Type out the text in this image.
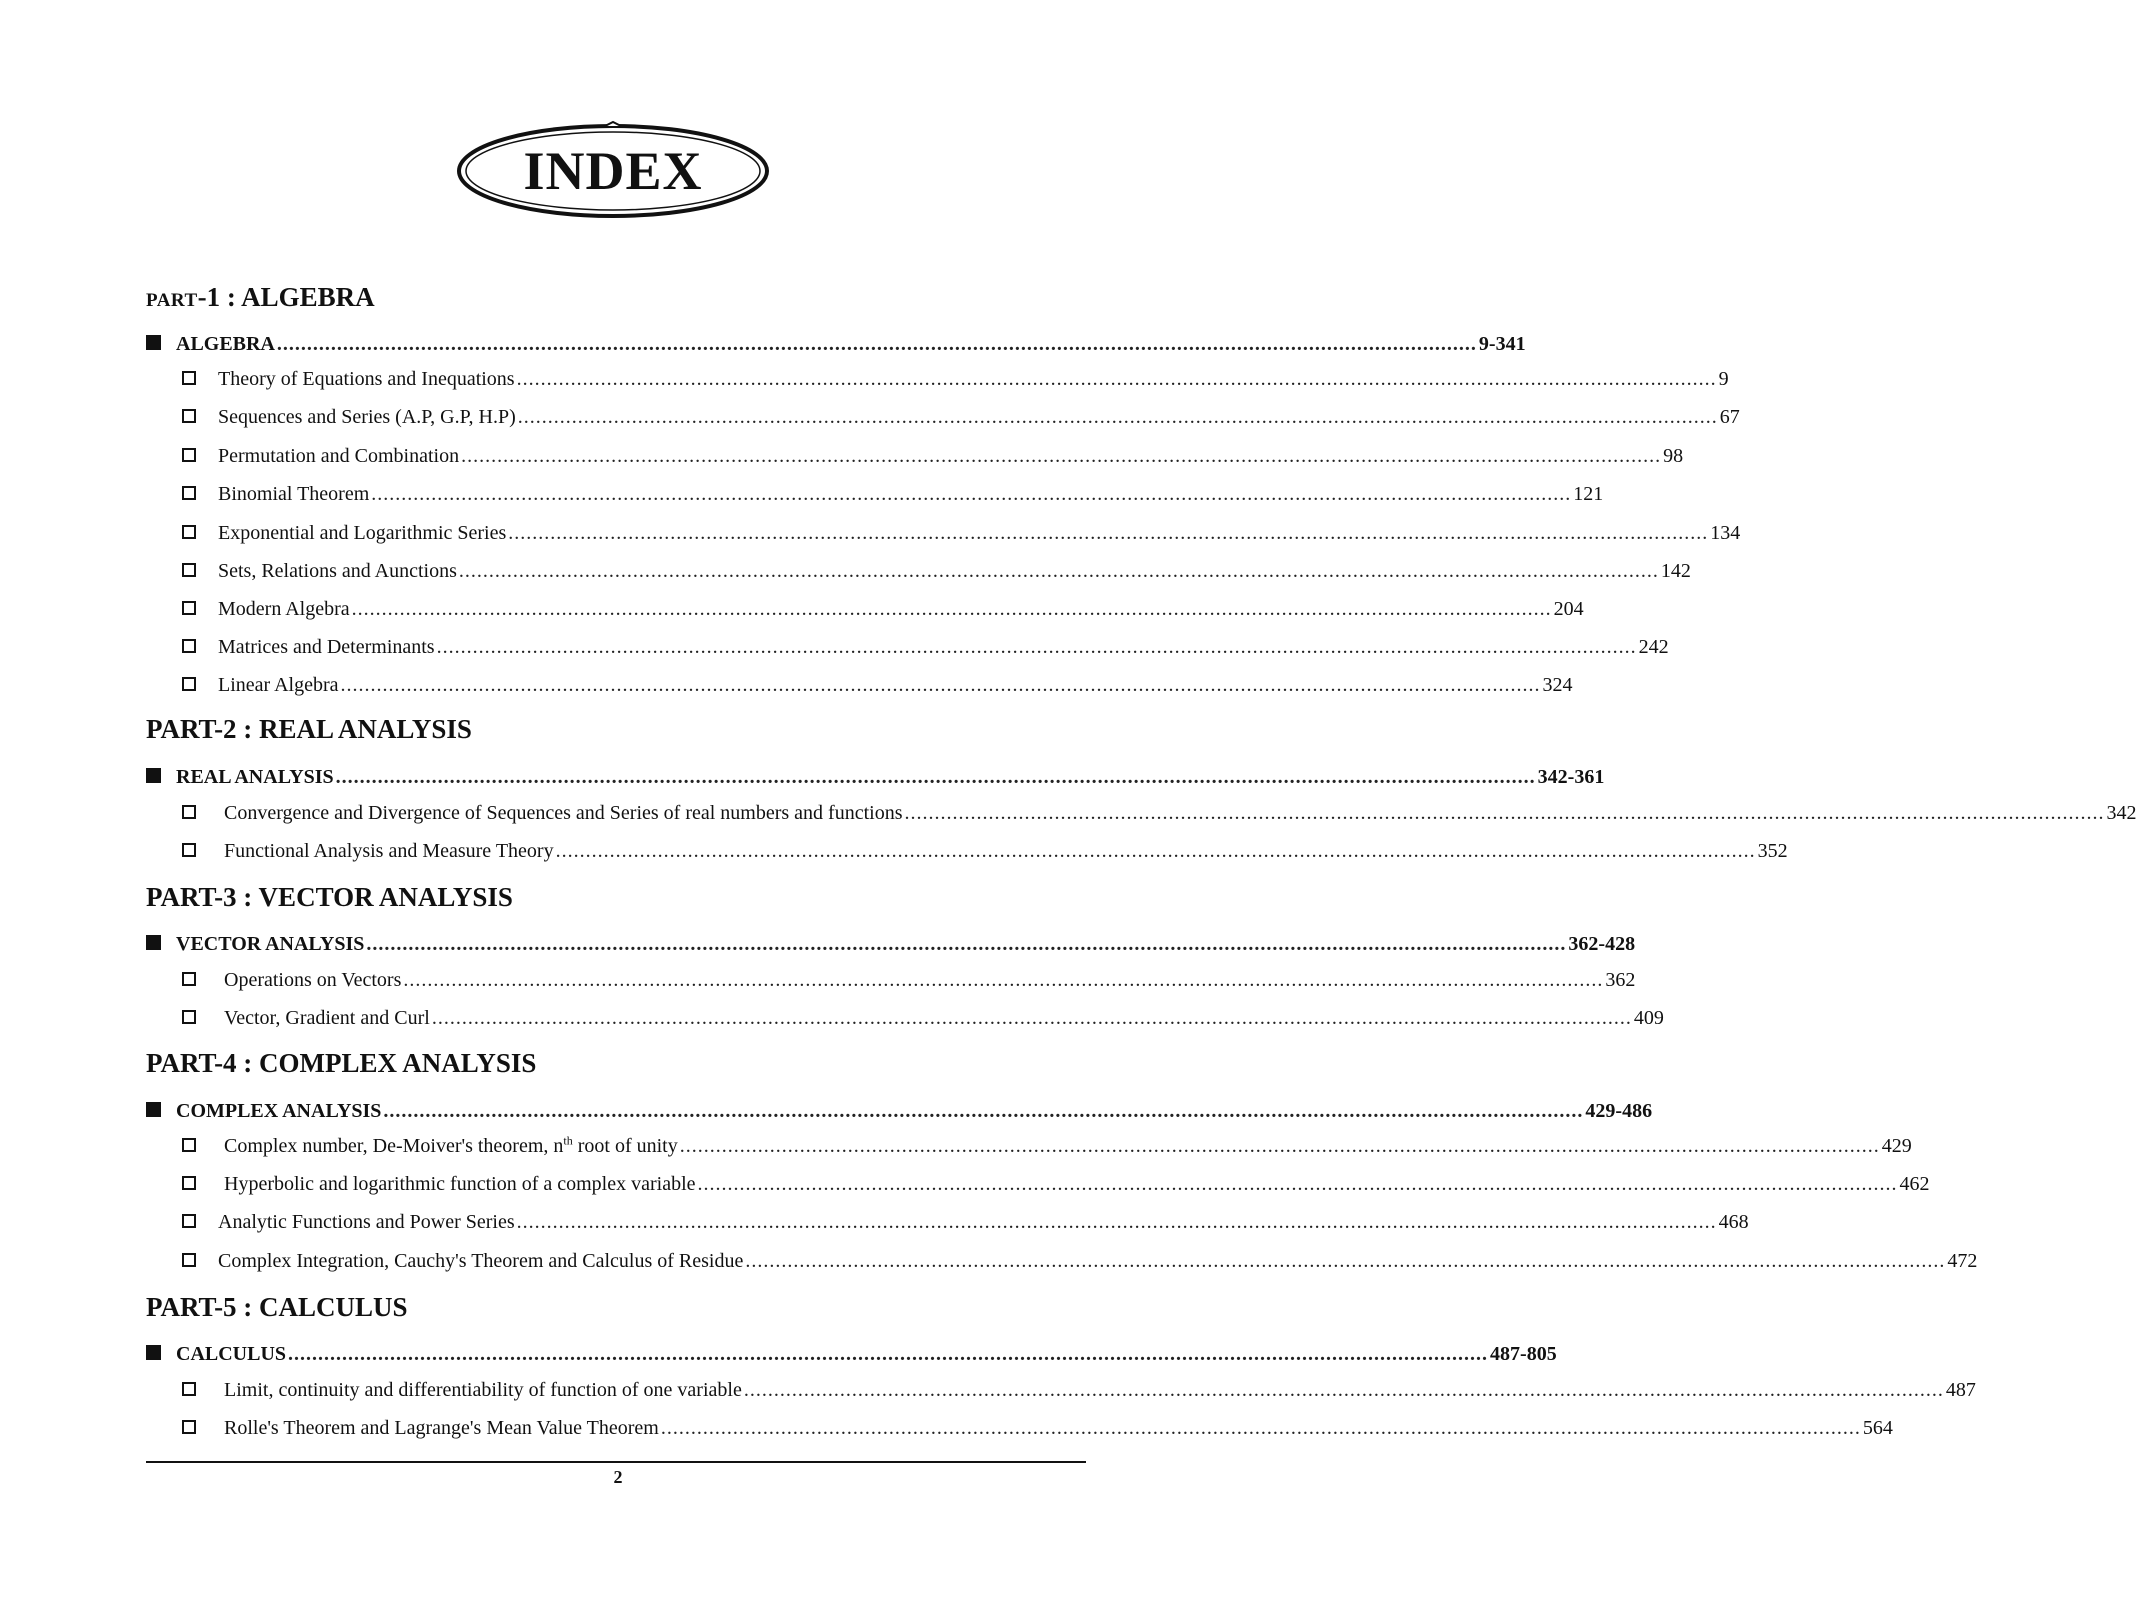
INDEX
PART-1 : ALGEBRA
ALGEBRA ........................................................................................................................................................................................................ 9-341
Theory of Equations and Inequations ........................................................................................................................................................................................................ 9
Sequences and Series (A.P, G.P, H.P) ........................................................................................................................................................................................................ 67
Permutation and Combination ........................................................................................................................................................................................................ 98
Binomial Theorem ........................................................................................................................................................................................................ 121
Exponential and Logarithmic Series ........................................................................................................................................................................................................ 134
Sets, Relations and Aunctions ........................................................................................................................................................................................................ 142
Modern Algebra ........................................................................................................................................................................................................ 204
Matrices and Determinants ........................................................................................................................................................................................................ 242
Linear Algebra ........................................................................................................................................................................................................ 324
PART-2 : REAL ANALYSIS
REAL ANALYSIS ........................................................................................................................................................................................................ 342-361
Convergence and Divergence of Sequences and Series of real numbers and functions ........................................................................................................................................................................................................ 342
Functional Analysis and Measure Theory ........................................................................................................................................................................................................ 352
PART-3 : VECTOR ANALYSIS
VECTOR ANALYSIS ........................................................................................................................................................................................................ 362-428
Operations on Vectors ........................................................................................................................................................................................................ 362
Vector, Gradient and Curl ........................................................................................................................................................................................................ 409
PART-4 : COMPLEX ANALYSIS
COMPLEX ANALYSIS ........................................................................................................................................................................................................ 429-486
Complex number, De-Moiver's theorem, $n^{th}$ root of unity ........................................................................................................................................................................................................ 429
Hyperbolic and logarithmic function of a complex variable ........................................................................................................................................................................................................ 462
Analytic Functions and Power Series ........................................................................................................................................................................................................ 468
Complex Integration, Cauchy's Theorem and Calculus of Residue ........................................................................................................................................................................................................ 472
PART-5 : CALCULUS
CALCULUS ........................................................................................................................................................................................................ 487-805
Limit, continuity and differentiability of function of one variable ........................................................................................................................................................................................................ 487
Rolle's Theorem and Lagrange's Mean Value Theorem ........................................................................................................................................................................................................ 564
2
